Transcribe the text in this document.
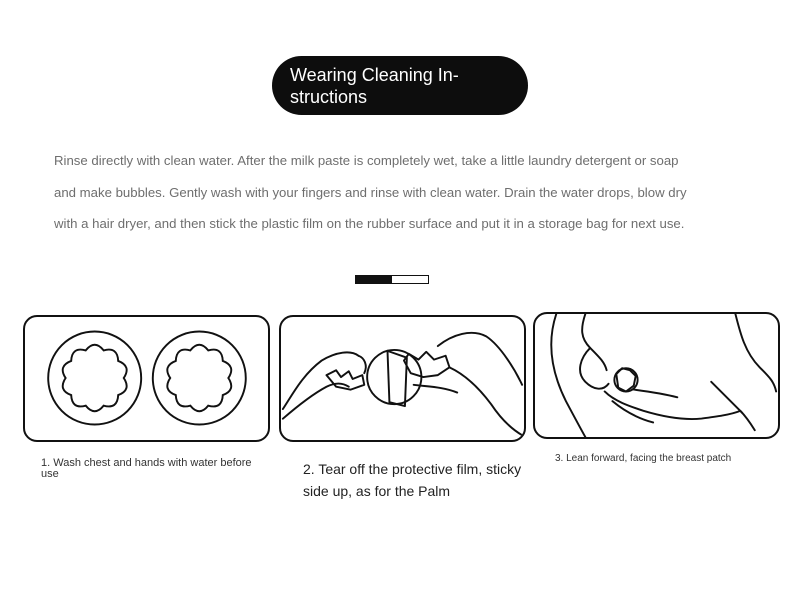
Wearing Cleaning In-
structions
Rinse directly with clean water. After the milk paste is completely wet, take a little laundry detergent or soap
and make bubbles. Gently wash with your fingers and rinse with clean water. Drain the water drops, blow dry
with a hair dryer, and then stick the plastic film on the rubber surface and put it in a storage bag for next use.
1. Wash chest and hands with water before use	2. Tear off the protective film, sticky side up, as for the Palm
3. Lean forward, facing the breast patch
